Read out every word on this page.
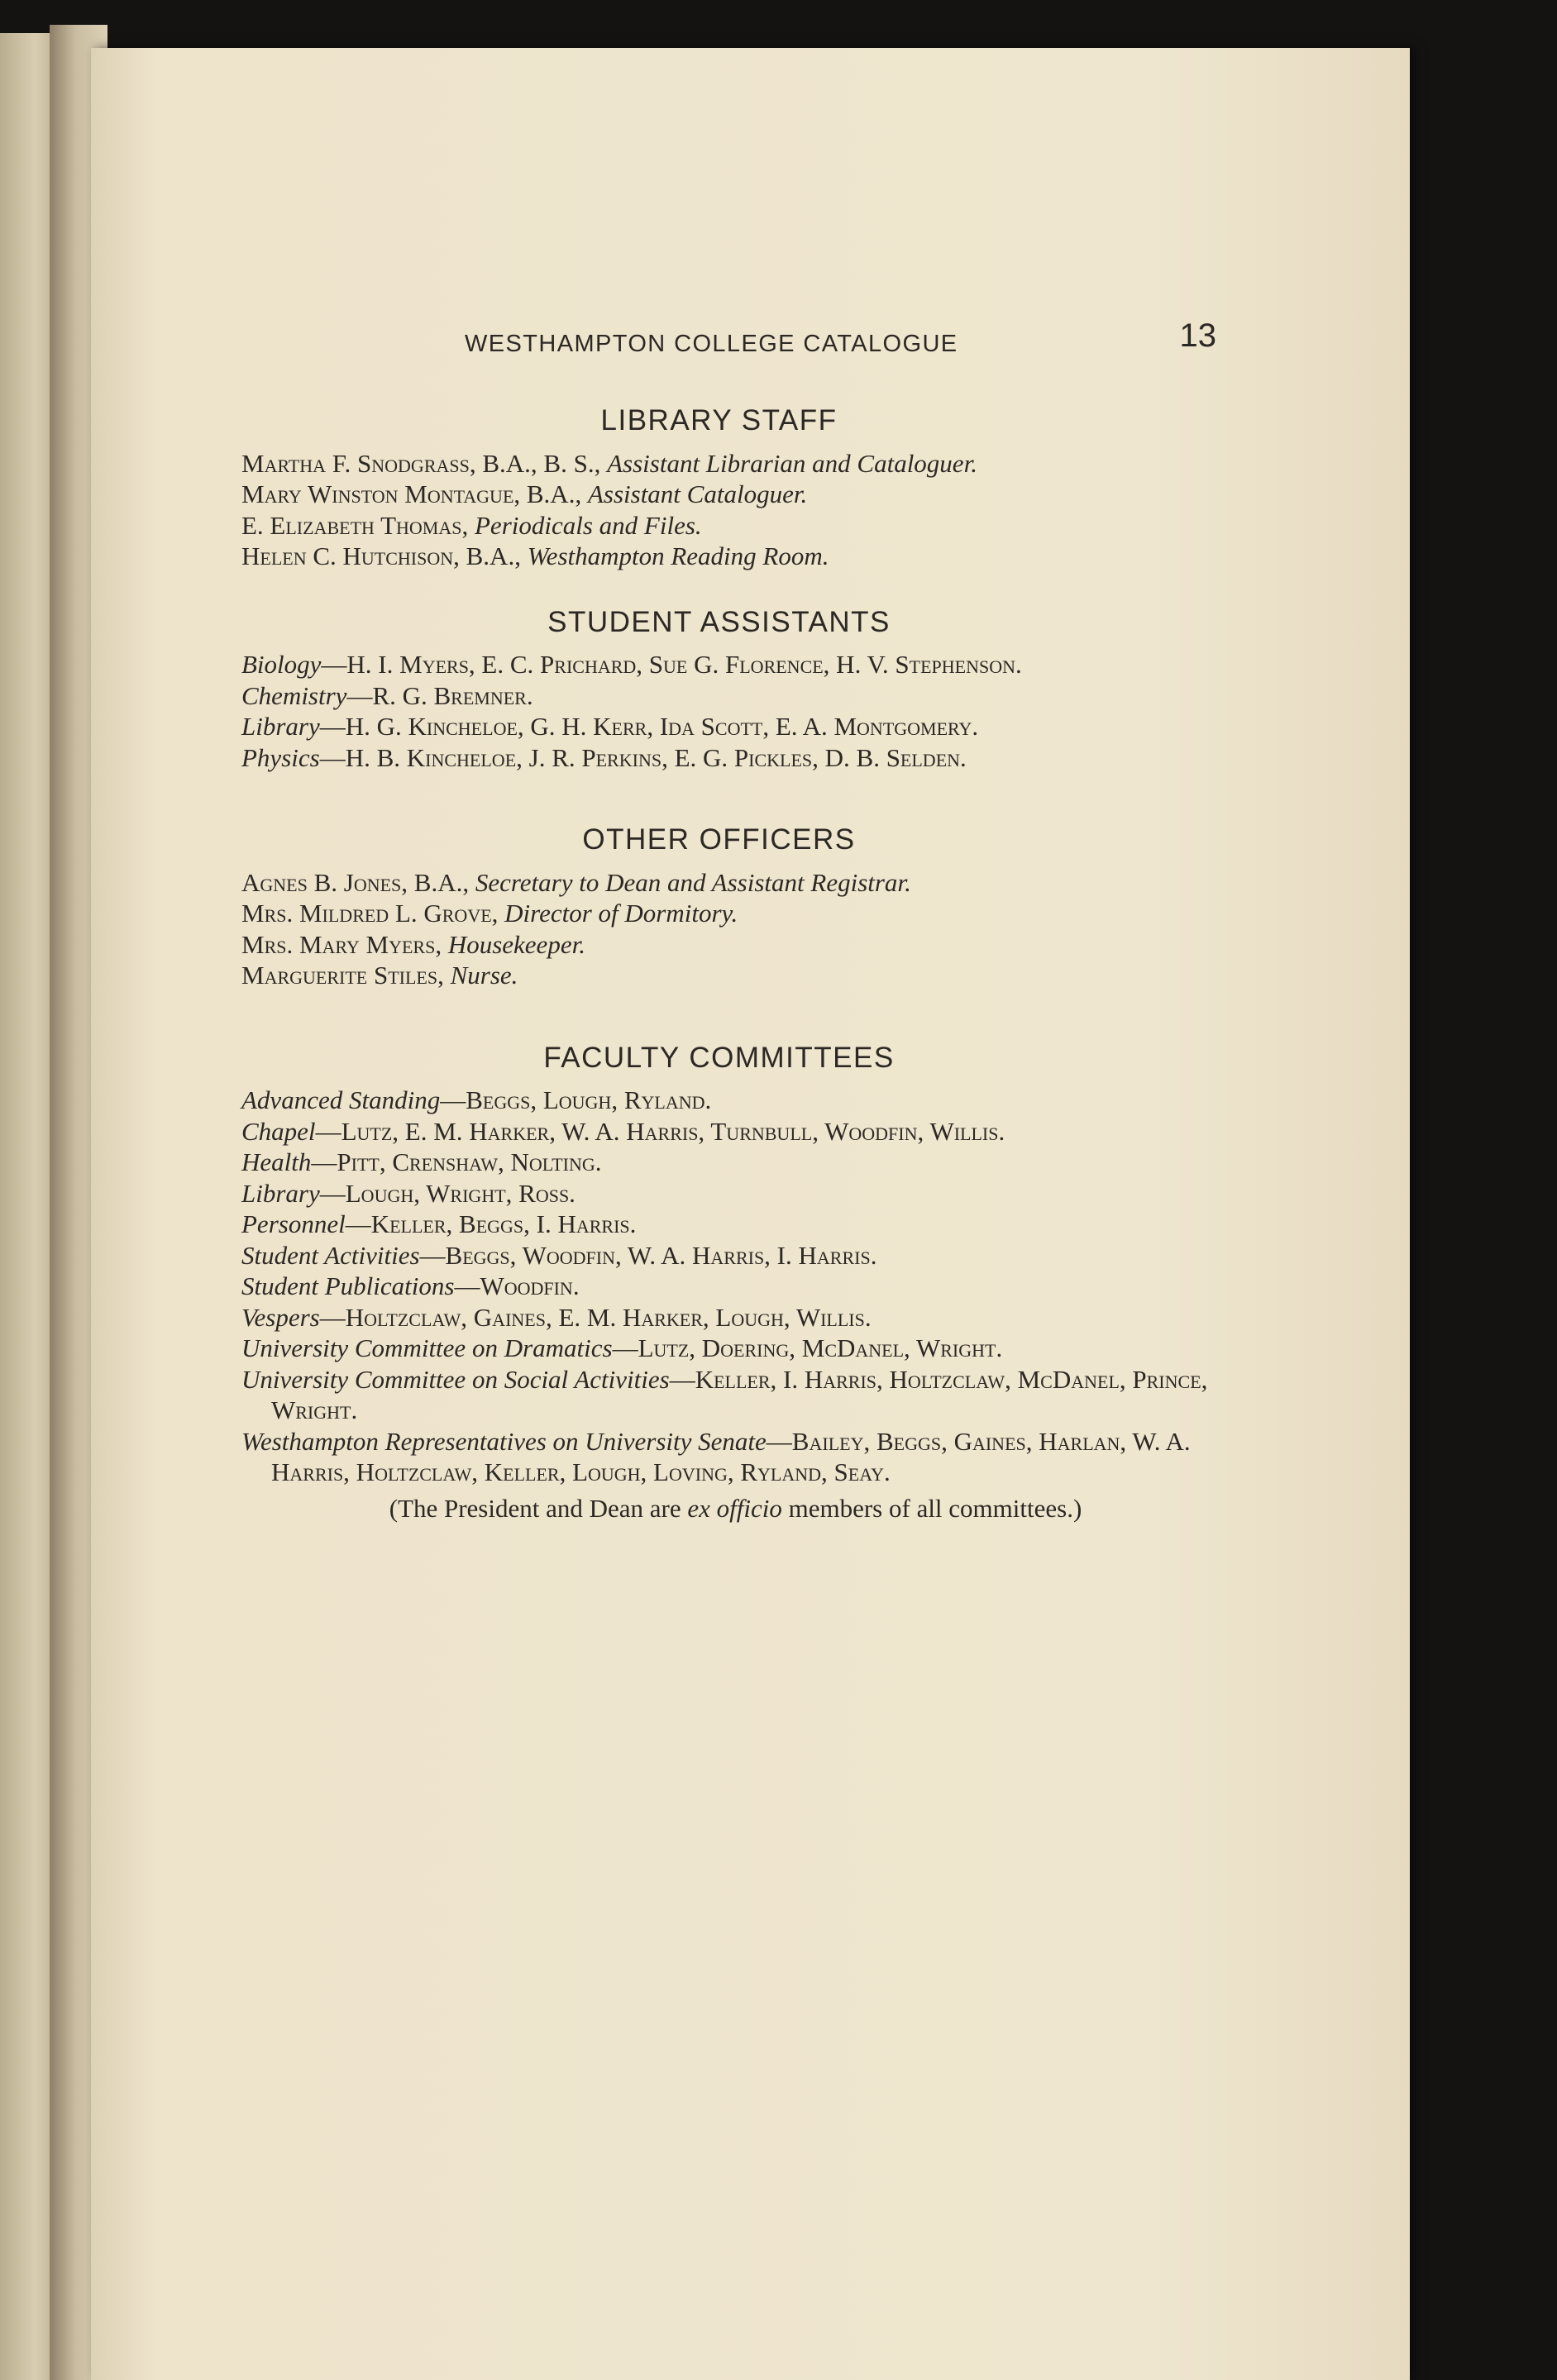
WESTHAMPTON COLLEGE CATALOGUE	13
LIBRARY STAFF

Martha F. Snodgrass, B.A., B. S., Assistant Librarian and Cataloguer.

Mary Winston Montague, B.A., Assistant Cataloguer.

E. Elizabeth Thomas, Periodicals and Files.

Helen C. Hutchison, B.A., Westhampton Reading Room.

STUDENT ASSISTANTS

Biology—H. I. Myers, E. C. Prichard, Sue G. Florence, H. V. Stephenson.

Chemistry—R. G. Bremner.

Library—H. G. Kincheloe, G. H. Kerr, Ida Scott, E. A. Montgomery.

Physics—H. B. Kincheloe, J. R. Perkins, E. G. Pickles, D. B. Selden.

OTHER OFFICERS

Agnes B. Jones, B.A., Secretary to Dean and Assistant Registrar.

Mrs. Mildred L. Grove, Director of Dormitory.

Mrs. Mary Myers, Housekeeper.

Marguerite Stiles, Nurse.

FACULTY COMMITTEES

Advanced Standing—Beggs, Lough, Ryland.

Chapel—Lutz, E. M. Harker, W. A. Harris, Turnbull, Woodfin, Willis.

Health—Pitt, Crenshaw, Nolting.

Library—Lough, Wright, Ross.

Personnel—Keller, Beggs, I. Harris.

Student Activities—Beggs, Woodfin, W. A. Harris, I. Harris.

Student Publications—Woodfin.

Vespers—Holtzclaw, Gaines, E. M. Harker, Lough, Willis.

University Committee on Dramatics—Lutz, Doering, McDanel, Wright.

University Committee on Social Activities—Keller, I. Harris, Holtzclaw, McDanel, Prince, Wright.

Westhampton Representatives on University Senate—Bailey, Beggs, Gaines, Harlan, W. A. Harris, Holtzclaw, Keller, Lough, Loving, Ryland, Seay.

(The President and Dean are ex officio members of all committees.)
